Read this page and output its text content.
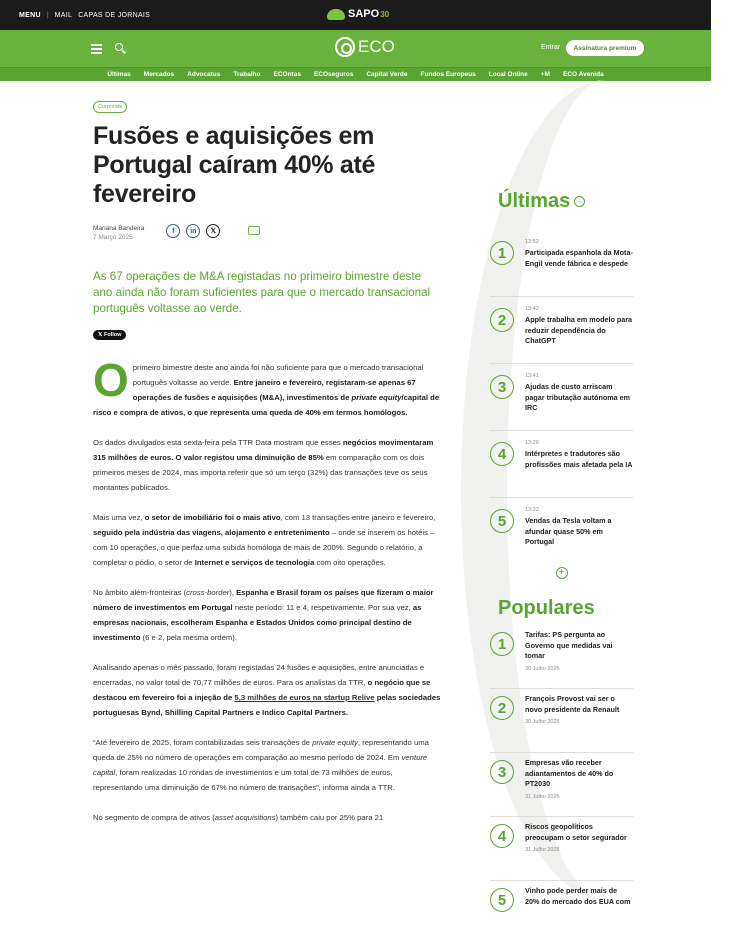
MENU | MAIL CAPAS DE JORNAIS	SAPO 30
ECO	Entrar	Assinatura premium
Últimas Mercados Advocatus Trabalho ECOntas ECOseguros Capital Verde Fundos Europeus Local Online +M ECO Avenida
Corporate
Fusões e aquisições em Portugal caíram 40% até fevereiro
Mariana Bandeira
7 Março 2025
f	in	𝕏

As 67 operações de M&A registadas no primeiro bimestre deste ano ainda não foram suficientes para que o mercado transacional português voltasse ao verde.

𝕏 Follow

Oprimeiro bimestre deste ano ainda foi não suficiente para que o mercado transacional português voltasse ao verde. Entre janeiro e fevereiro, registaram-se apenas 67 operações de fusões e aquisições (M&A), investimentos de private equity/capital de risco e compra de ativos, o que representa uma queda de 40% em termos homólogos.

Os dados divulgados esta sexta-feira pela TTR Data mostram que esses negócios movimentaram 315 milhões de euros. O valor registou uma diminuição de 85% em comparação com os dois primeiros meses de 2024, mas importa referir que só um terço (32%) das transações teve os seus montantes publicados.

Mais uma vez, o setor de imobiliário foi o mais ativo, com 13 transações entre janeiro e fevereiro, seguido pela indústria das viagens, alojamento e entretenimento – onde se inserem os hotéis – com 10 operações, o que perfaz uma subida homóloga de mais de 200%. Segundo o relatório, a completar o pódio, o setor de Internet e serviços de tecnologia com oito operações.

No âmbito além-fronteiras (cross-border), Espanha e Brasil foram os países que fizeram o maior número de investimentos em Portugal neste período: 11 e 4, respetivamente. Por sua vez, as empresas nacionais, escolheram Espanha e Estados Unidos como principal destino de investimento (6 e 2, pela mesma ordem).

Analisando apenas o mês passado, foram registadas 24 fusões e aquisições, entre anunciadas e encerradas, no valor total de 70,77 milhões de euros. Para os analistas da TTR, o negócio que se destacou em fevereiro foi a injeção de 5,3 milhões de euros na startup Relive pelas sociedades portuguesas Bynd, Shilling Capital Partners e Indico Capital Partners.

“Até fevereiro de 2025, foram contabilizadas seis transações de private equity, representando uma queda de 25% no número de operações em comparação ao mesmo período de 2024. Em venture capital, foram realizadas 10 rondas de investimentos e um total de 73 milhões de euros, representando uma diminuição de 67% no número de transações”, informa ainda a TTR.

No segmento de compra de ativos (asset acquisitions) também caiu por 25% para 21

Últimas →
1
13:52
Participada espanhola da Mota-Engil vende fábrica e despede
2
13:42
Apple trabalha em modelo para reduzir dependência do ChatGPT
3
13:41
Ajudas de custo arriscam pagar tributação autónoma em IRC
4
13:28
Intérpretes e tradutores são profissões mais afetada pela IA
5
13:22
Vendas da Tesla voltam a afundar quase 50% em Portugal
+
Populares
1
Tarifas: PS pergunta ao Governo que medidas vai tomar
30 Julho 2025
2
François Provost vai ser o novo presidente da Renault
30 Julho 2025
3
Empresas vão receber adiantamentos de 40% do PT2030
31 Julho 2025
4
Riscos geopolíticos preocupam o setor segurador
31 Julho 2025
5
Vinho pode perder mais de 20% do mercado dos EUA com
